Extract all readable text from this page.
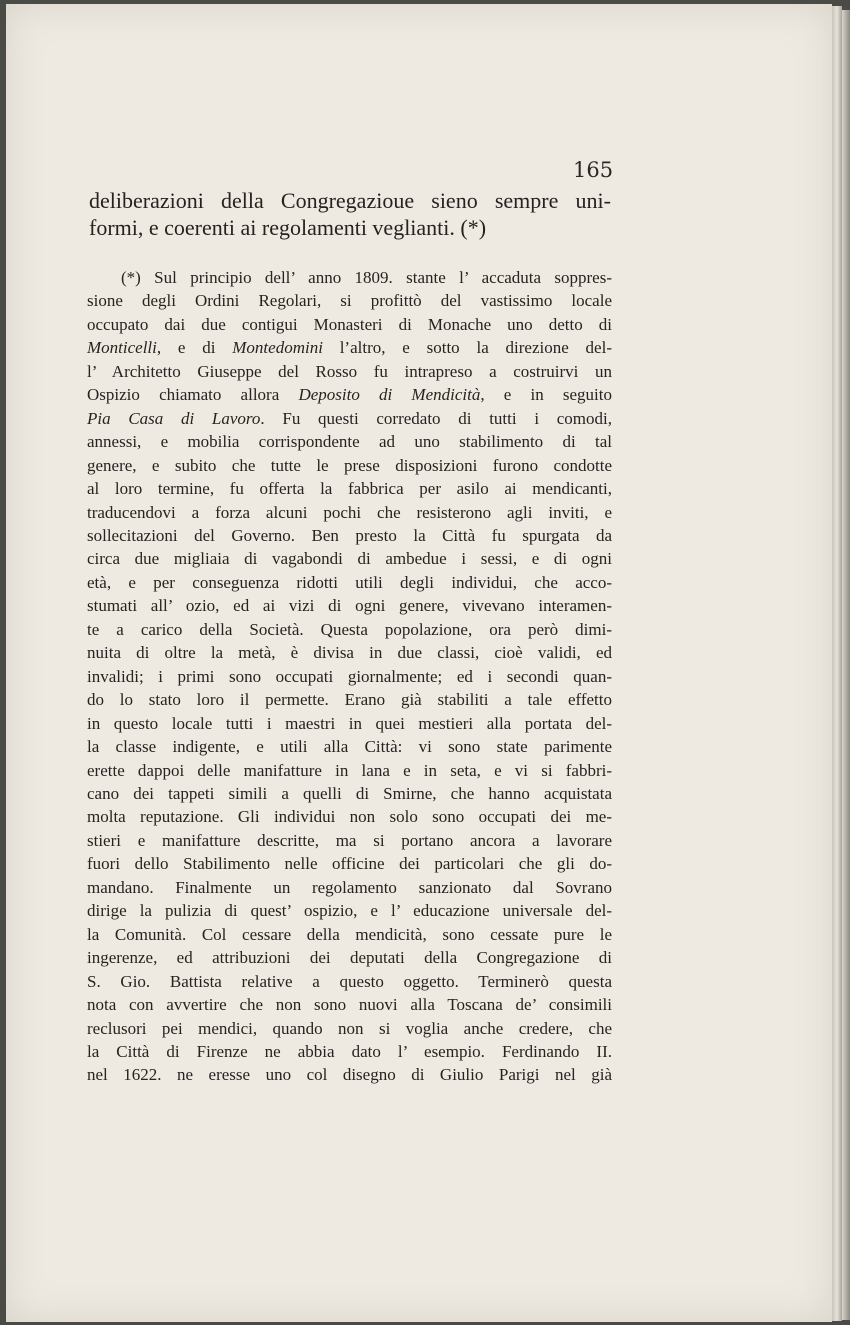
165
deliberazioni della Congregazioue sieno sempre uni-
formi, e coerenti ai regolamenti veglianti. (*)
(*) Sul principio dell’ anno 1809. stante l’ accaduta soppres-
sione degli Ordini Regolari, si profittò del vastissimo locale
occupato dai due contigui Monasteri di Monache uno detto di
Monticelli, e di Montedomini l’altro, e sotto la direzione del-
l’ Architetto Giuseppe del Rosso fu intrapreso a costruirvi un
Ospizio chiamato allora Deposito di Mendicità, e in seguito
Pia Casa di Lavoro. Fu questi corredato di tutti i comodi,
annessi, e mobilia corrispondente ad uno stabilimento di tal
genere, e subito che tutte le prese disposizioni furono condotte
al loro termine, fu offerta la fabbrica per asilo ai mendicanti,
traducendovi a forza alcuni pochi che resisterono agli inviti, e
sollecitazioni del Governo. Ben presto la Città fu spurgata da
circa due migliaia di vagabondi di ambedue i sessi, e di ogni
età, e per conseguenza ridotti utili degli individui, che acco-
stumati all’ ozio, ed ai vizi di ogni genere, vivevano interamen-
te a carico della Società. Questa popolazione, ora però dimi-
nuita di oltre la metà, è divisa in due classi, cioè validi, ed
invalidi; i primi sono occupati giornalmente; ed i secondi quan-
do lo stato loro il permette. Erano già stabiliti a tale effetto
in questo locale tutti i maestri in quei mestieri alla portata del-
la classe indigente, e utili alla Città: vi sono state parimente
erette dappoi delle manifatture in lana e in seta, e vi si fabbri-
cano dei tappeti simili a quelli di Smirne, che hanno acquistata
molta reputazione. Gli individui non solo sono occupati dei me-
stieri e manifatture descritte, ma si portano ancora a lavorare
fuori dello Stabilimento nelle officine dei particolari che gli do-
mandano. Finalmente un regolamento sanzionato dal Sovrano
dirige la pulizia di quest’ ospizio, e l’ educazione universale del-
la Comunità. Col cessare della mendicità, sono cessate pure le
ingerenze, ed attribuzioni dei deputati della Congregazione di
S. Gio. Battista relative a questo oggetto. Terminerò questa
nota con avvertire che non sono nuovi alla Toscana de’ consimili
reclusori pei mendici, quando non si voglia anche credere, che
la Città di Firenze ne abbia dato l’ esempio. Ferdinando II.
nel 1622. ne eresse uno col disegno di Giulio Parigi nel già
